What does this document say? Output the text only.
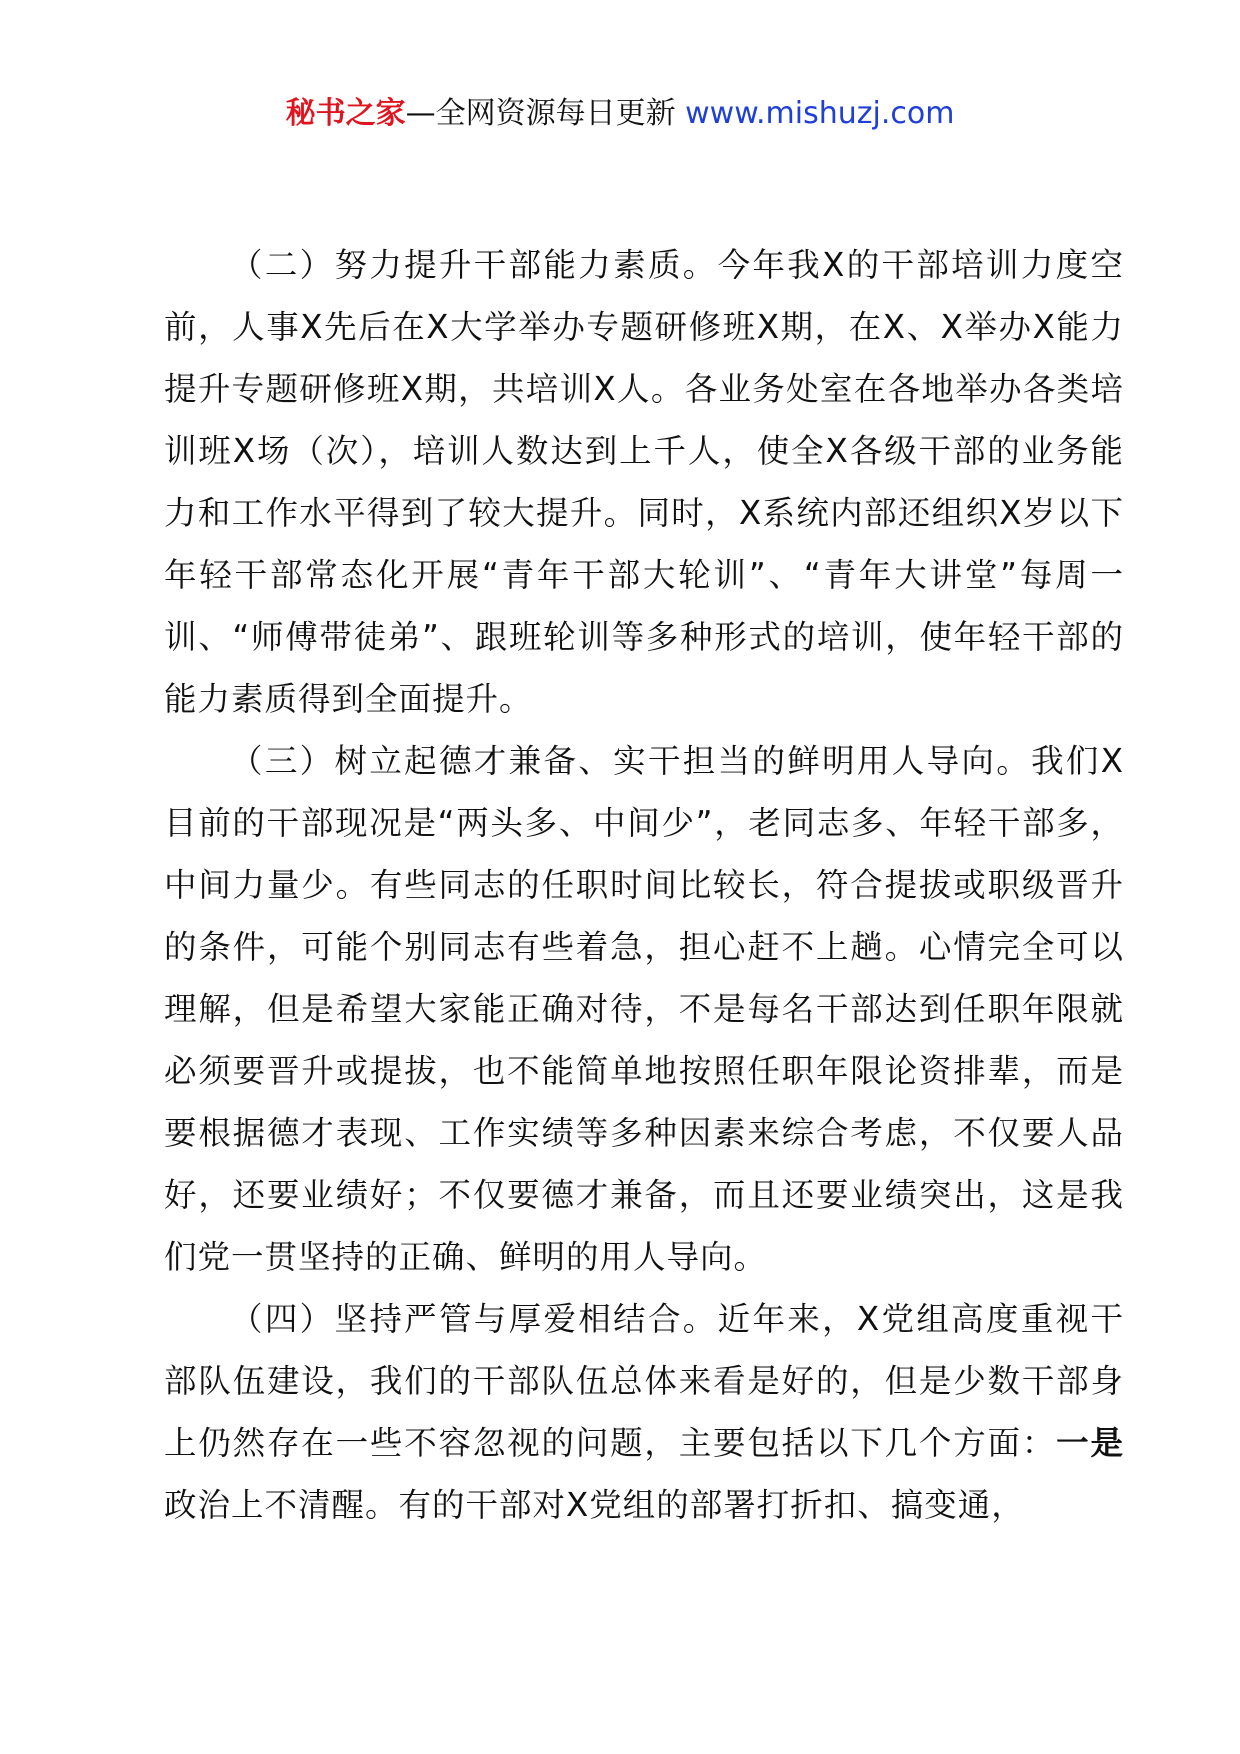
秘书之家—全网资源每日更新 www.mishuzj.com

（二）努力提升干部能力素质。今年我X的干部培训力度空前，人事X先后在X大学举办专题研修班X期，在X、X举办X能力提升专题研修班X期，共培训X人。各业务处室在各地举办各类培训班X场（次），培训人数达到上千人，使全X各级干部的业务能力和工作水平得到了较大提升。同时，X系统内部还组织X岁以下年轻干部常态化开展“青年干部大轮训”、“青年大讲堂”每周一训、“师傅带徒弟”、跟班轮训等多种形式的培训，使年轻干部的能力素质得到全面提升。

（三）树立起德才兼备、实干担当的鲜明用人导向。我们X目前的干部现况是“两头多、中间少”，老同志多、年轻干部多，中间力量少。有些同志的任职时间比较长，符合提拔或职级晋升的条件，可能个别同志有些着急，担心赶不上趟。心情完全可以理解，但是希望大家能正确对待，不是每名干部达到任职年限就必须要晋升或提拔，也不能简单地按照任职年限论资排辈，而是要根据德才表现、工作实绩等多种因素来综合考虑，不仅要人品好，还要业绩好；不仅要德才兼备，而且还要业绩突出，这是我们党一贯坚持的正确、鲜明的用人导向。

（四）坚持严管与厚爱相结合。近年来，X党组高度重视干部队伍建设，我们的干部队伍总体来看是好的，但是少数干部身上仍然存在一些不容忽视的问题，主要包括以下几个方面：一是政治上不清醒。有的干部对X党组的部署打折扣、搞变通，
